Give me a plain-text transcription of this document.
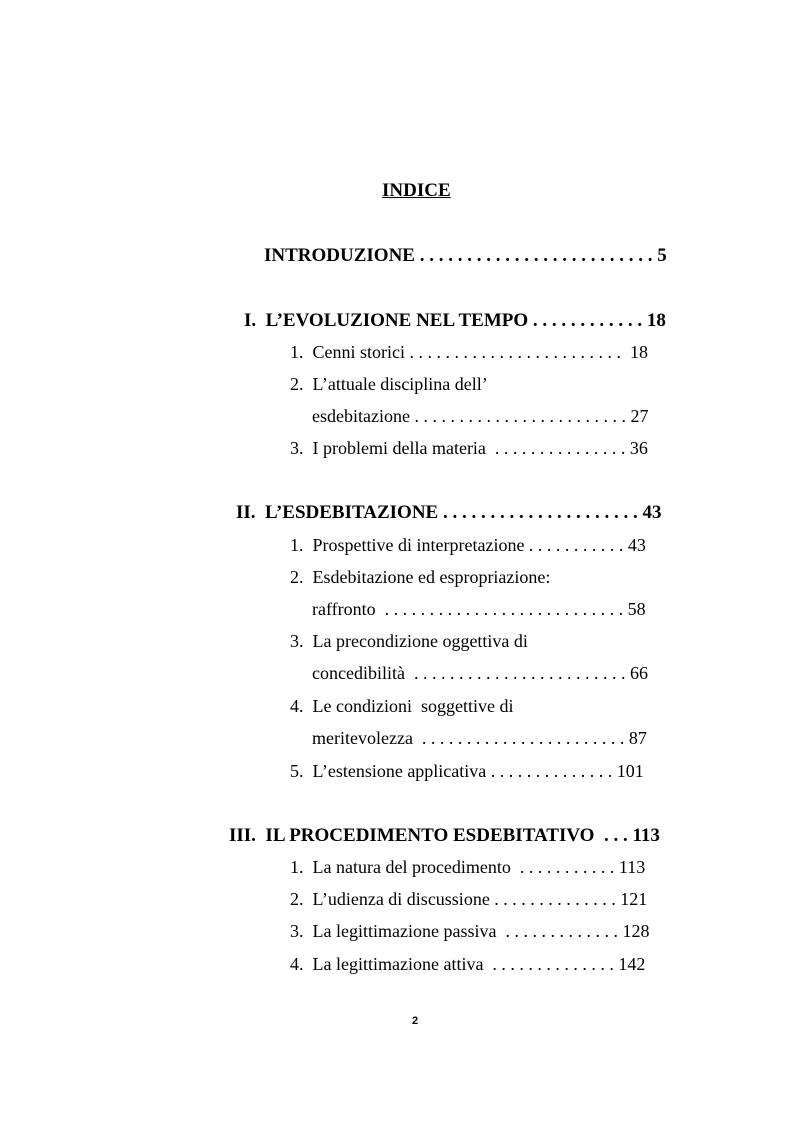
INDICE
INTRODUZIONE . . . . . . . . . . . . . . . . . . . . . . . . . 5
I.  L’EVOLUZIONE NEL TEMPO . . . . . . . . . . . . 18
1.  Cenni storici . . . . . . . . . . . . . . . . . . . . . . . .  18
2.  L’attuale disciplina dell’
esdebitazione . . . . . . . . . . . . . . . . . . . . . . . . 27
3.  I problemi della materia  . . . . . . . . . . . . . . . 36
II.  L’ESDEBITAZIONE . . . . . . . . . . . . . . . . . . . . . 43
1.  Prospettive di interpretazione . . . . . . . . . . . 43
2.  Esdebitazione ed espropriazione:
raffronto  . . . . . . . . . . . . . . . . . . . . . . . . . . . 58
3.  La precondizione oggettiva di
concedibilità  . . . . . . . . . . . . . . . . . . . . . . . . 66
4.  Le condizioni  soggettive di
meritevolezza  . . . . . . . . . . . . . . . . . . . . . . . 87
5.  L’estensione applicativa . . . . . . . . . . . . . . 101
III.  IL PROCEDIMENTO ESDEBITATIVO  . . . 113
1.  La natura del procedimento  . . . . . . . . . . . 113
2.  L’udienza di discussione . . . . . . . . . . . . . . 121
3.  La legittimazione passiva  . . . . . . . . . . . . . 128
4.  La legittimazione attiva  . . . . . . . . . . . . . . 142
2
